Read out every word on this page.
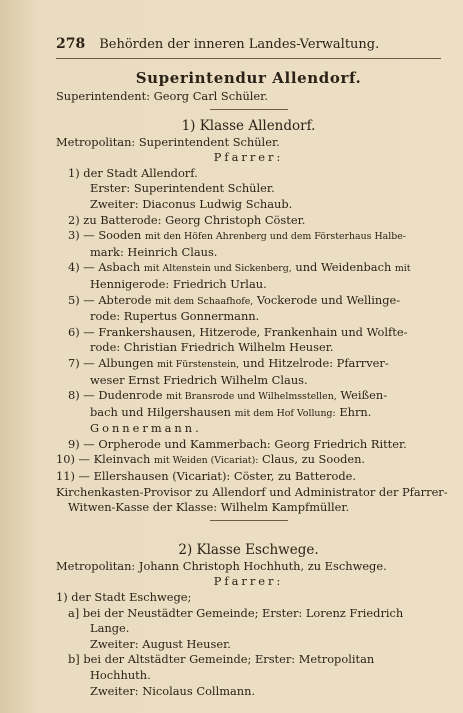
278 Behörden der inneren Landes-Verwaltung.
Superintendur Allendorf.
Superintendent: Georg Carl Schüler.
1) Klasse Allendorf.
Metropolitan: Superintendent Schüler.
Pfarrer:
1) der Stadt Allendorf.
Erster: Superintendent Schüler.
Zweiter: Diaconus Ludwig Schaub.
2) zu Batterode: Georg Christoph Cöster.
3) — Sooden mit den Höfen Ahrenberg und dem Försterhaus Halbe-
mark: Heinrich Claus.
4) — Asbach mit Altenstein und Sickenberg, und Weidenbach mit
Hennigerode: Friedrich Urlau.
5) — Abterode mit dem Schaafhofe, Vockerode und Wellinge-
rode: Rupertus Gonnermann.
6) — Frankershausen, Hitzerode, Frankenhain und Wolfte-
rode: Christian Friedrich Wilhelm Heuser.
7) — Albungen mit Fürstenstein, und Hitzelrode: Pfarrver-
weser Ernst Friedrich Wilhelm Claus.
8) — Dudenrode mit Bransrode und Wilhelmsstellen, Weißen-
bach und Hilgershausen mit dem Hof Vollung: Ehrn.
Gonnermann.
9) — Orpherode und Kammerbach: Georg Friedrich Ritter.
10) — Kleinvach mit Weiden (Vicariat): Claus, zu Sooden.
11) — Ellershausen (Vicariat): Cöster, zu Batterode.
Kirchenkasten-Provisor zu Allendorf und Administrator der Pfarrer-
Witwen-Kasse der Klasse: Wilhelm Kampfmüller.
2) Klasse Eschwege.
Metropolitan: Johann Christoph Hochhuth, zu Eschwege.
Pfarrer:
1) der Stadt Eschwege;
a] bei der Neustädter Gemeinde; Erster: Lorenz Friedrich
Lange.
Zweiter: August Heuser.
b] bei der Altstädter Gemeinde; Erster: Metropolitan
Hochhuth.
Zweiter: Nicolaus Collmann.
